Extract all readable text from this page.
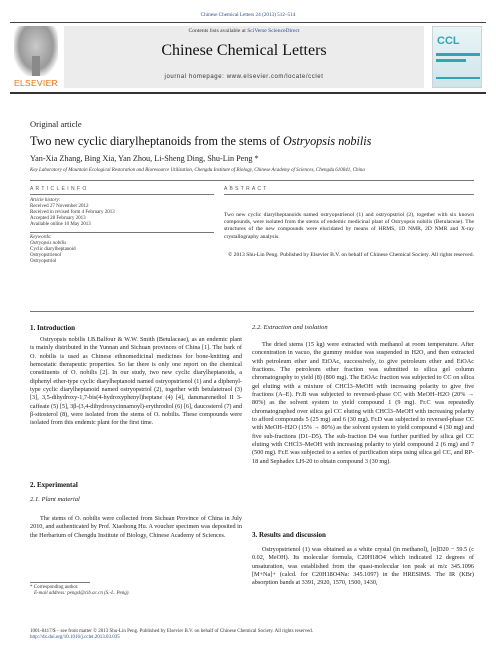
Chinese Chemical Letters 24 (2013) 512–514
ELSEVIER
Contents lists available at SciVerse ScienceDirect
Chinese Chemical Letters
journal homepage: www.elsevier.com/locate/cclet
CCL
Original article
Two new cyclic diarylheptanoids from the stems of Ostryopsis nobilis
Yan-Xia Zhang, Bing Xia, Yan Zhou, Li-Sheng Ding, Shu-Lin Peng *
Key Laboratory of Mountain Ecological Restoration and Bioresource Utilization, Chengdu Institute of Biology, Chinese Academy of Sciences, Chengdu 610041, China
A R T I C L E I N F O
Article history:
Received 27 November 2012
Received in revised form 4 February 2013
Accepted 28 February 2013
Available online 10 May 2013
Keywords:
Ostryopsis nobilis
Cyclic diarylheptanoid
Ostryopstrienol
Ostryopstriol
A B S T R A C T
Two new cyclic diarylheptanoids named ostryopstrienol (1) and ostryopstriol (2), together with six known compounds, were isolated from the stems of endemic medicinal plant of Ostryopsis nobilis (Betulaceae). The structures of the new compounds were elucidated by means of HRMS, 1D NMR, 2D NMR and X-ray crystallography analysis.
© 2013 Shu-Lin Peng. Published by Elsevier B.V. on behalf of Chinese Chemical Society. All rights reserved.
1. Introduction
Ostryopsis nobilis I.B.Balfour & W.W. Smith (Betulaceae), as an endemic plant is mainly distributed in the Yunnan and Sichuan provinces of China [1]. The bark of O. nobilis is used as Chinese ethnomedicinal medicines for bone-knitting and hemostatic therapeutic properties. So far there is only one report on the chemical constituents of O. nobilis [2]. In our study, two new cyclic diarylheptanoids, a diphenyl ether-type cyclic diarylheptanoid named ostryopstrienol (1) and a diphenyl-type cyclic diarylheptanoid named ostryopstriol (2), together with betulatetraol (3) [3], 3,5-dihydroxy-1,7-bis(4-hydroxyphenyl)heptane (4) [4], dammarenediol II 3-caffeate (5) [5], 3β-(3,4-dihydroxycinnamoyl)-erythrodiol (6) [6], daucosterol (7) and β-sitosterol (8), were isolated from the stems of O. nobilis. These compounds were isolated from this endemic plant for the first time.
2. Experimental
2.1. Plant material
The stems of O. nobilis were collected from Sichuan Province of China in July 2010, and authenticated by Prof. Xiaohong Hu. A voucher specimen was deposited in the Herbarium of Chengdu Institute of Biology, Chinese Academy of Sciences.
* Corresponding author.
E-mail address: pengsl@cib.ac.cn (S.-L. Peng).
2.2. Extraction and isolation
The dried stems (15 kg) were extracted with methanol at room temperature. After concentration in vacuo, the gummy residue was suspended in H2O, and then extracted with petroleum ether and EtOAc, successively, to give petroleum ether and EtOAc fractions. The petroleum ether fraction was submitted to silica gel column chromatography to yield (8) (800 mg). The EtOAc fraction was subjected to CC on silica gel eluting with a mixture of CHCl3–MeOH with increasing polarity to give five fractions (A–E). Fr.B was subjected to reversed-phase CC with MeOH–H2O (20% → 80%) as the solvent system to yield compound 1 (9 mg). Fr.C was repeatedly chromatographed over silica gel CC eluting with CHCl3–MeOH with increasing polarity to afford compounds 5 (25 mg) and 6 (30 mg). Fr.D was subjected to reversed-phase CC with MeOH–H2O (15% → 80%) as the solvent system to yield compound 4 (30 mg) and five sub-fractions (D1–D5). The sub-fraction D4 was further purified by silica gel CC eluting with CHCl3–MeOH with increasing polarity to yield compound 2 (6 mg) and 7 (500 mg). Fr.E was subjected to a series of purification steps using silica gel CC, and RP-18 and Sephadex LH-20 to obtain compound 3 (30 mg).
3. Results and discussion
Ostryopstrienol (1) was obtained as a white crystal (in methanol), [α]D20 − 59.5 (c 0.02, MeOH). Its molecular formula, C20H18O4 which indicated 12 degrees of unsaturation, was established from the quasi-molecular ion peak at m/z 345.1096 [M+Na]+ (calcd. for C20H18O4Na: 345.1097) in the HRESIMS. The IR (KBr) absorption bands at 3391, 2920, 1570, 1500, 1430,
1001-8417/$ – see front matter © 2013 Shu-Lin Peng. Published by Elsevier B.V. on behalf of Chinese Chemical Society. All rights reserved.
http://dx.doi.org/10.1016/j.cclet.2013.03.035
